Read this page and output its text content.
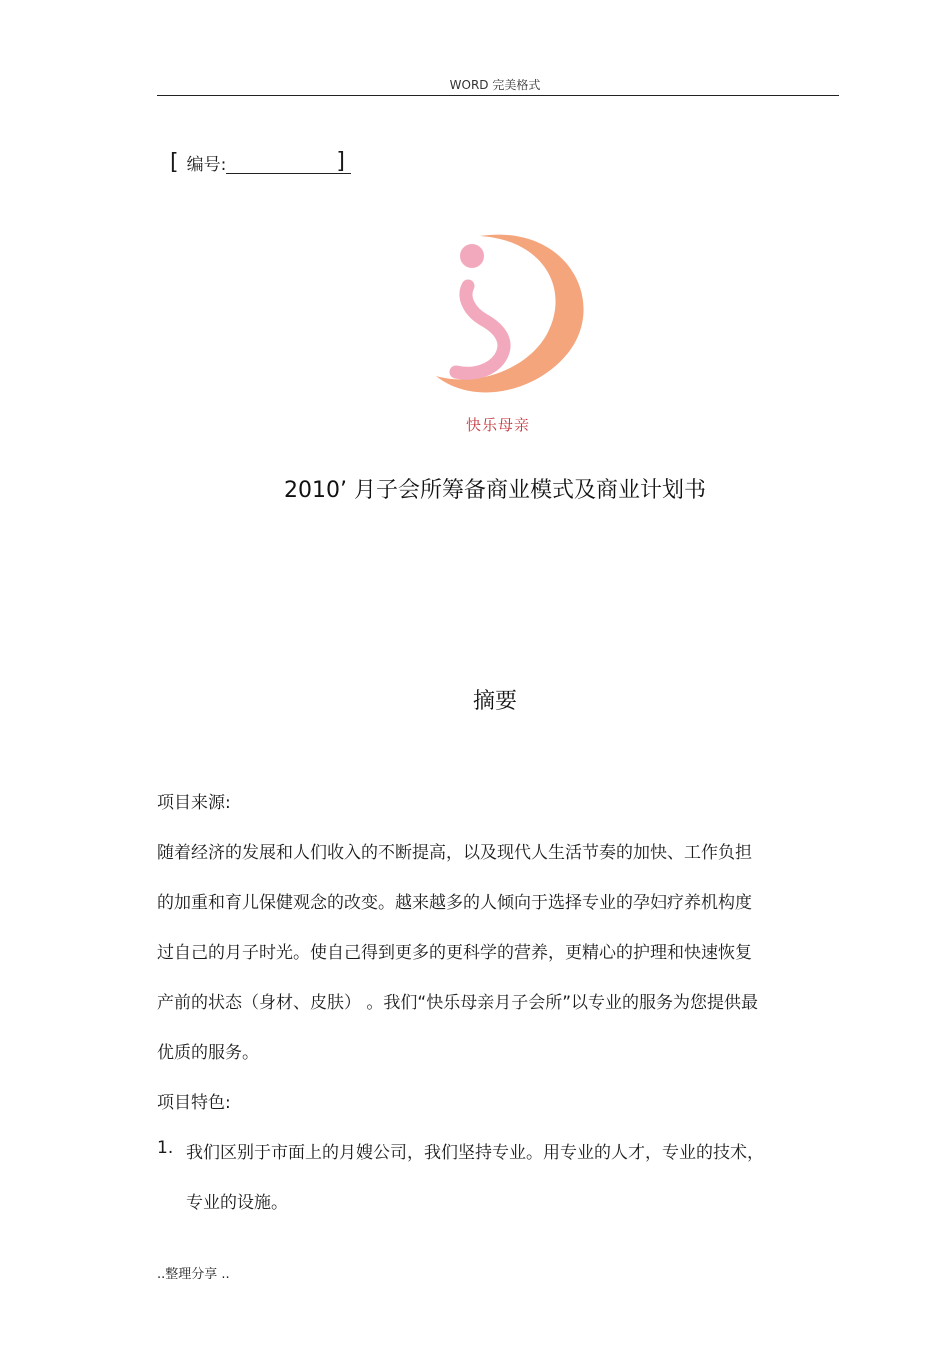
WORD 完美格式
[ 编号:	]
快乐母亲
2010’ 月子会所筹备商业模式及商业计划书
摘要
项目来源:
随着经济的发展和人们收入的不断提高，以及现代人生活节奏的加快、工作负担
的加重和育儿保健观念的改变。越来越多的人倾向于选择专业的孕妇疗养机构度
过自己的月子时光。使自己得到更多的更科学的营养，更精心的护理和快速恢复
产前的状态（身材、皮肤） 。我们“快乐母亲月子会所”以专业的服务为您提供最
优质的服务。
项目特色:
1. 我们区别于市面上的月嫂公司，我们坚持专业。用专业的人才，专业的技术，
专业的设施。
..整理分享 ..
